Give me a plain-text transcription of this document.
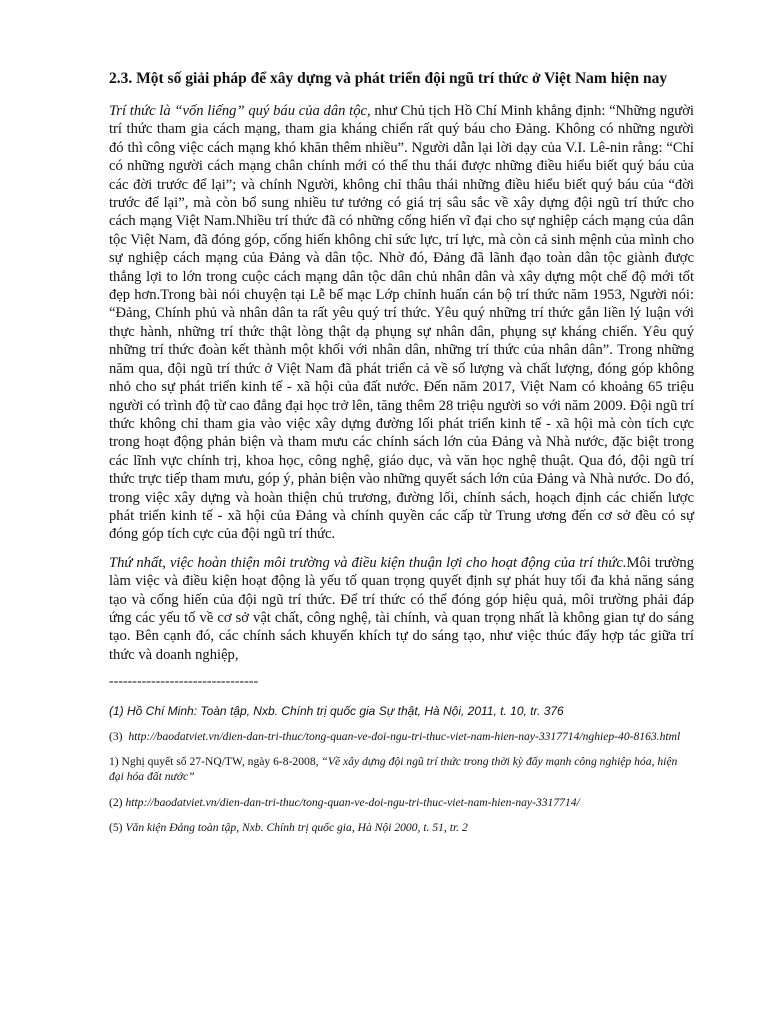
2.3. Một số giải pháp để xây dựng và phát triển đội ngũ trí thức ở Việt Nam hiện nay

Trí thức là “vốn liếng” quý báu của dân tộc, như Chủ tịch Hồ Chí Minh khẳng định: “Những người trí thức tham gia cách mạng, tham gia kháng chiến rất quý báu cho Đảng. Không có những người đó thì công việc cách mạng khó khăn thêm nhiều”. Người dẫn lại lời dạy của V.I. Lê-nin rằng: “Chỉ có những người cách mạng chân chính mới có thể thu thái được những điều hiểu biết quý báu của các đời trước để lại”; và chính Người, không chỉ thâu thái những điều hiểu biết quý báu của “đời trước để lại”, mà còn bổ sung nhiều tư tưởng có giá trị sâu sắc về xây dựng đội ngũ trí thức cho cách mạng Việt Nam.Nhiều trí thức đã có những cống hiến vĩ đại cho sự nghiệp cách mạng của dân tộc Việt Nam, đã đóng góp, cống hiến không chỉ sức lực, trí lực, mà còn cả sinh mệnh của mình cho sự nghiệp cách mạng của Đảng và dân tộc. Nhờ đó, Đảng đã lãnh đạo toàn dân tộc giành được thắng lợi to lớn trong cuộc cách mạng dân tộc dân chủ nhân dân và xây dựng một chế độ mới tốt đẹp hơn.Trong bài nói chuyện tại Lễ bế mạc Lớp chỉnh huấn cán bộ trí thức năm 1953, Người nói: “Đảng, Chính phủ và nhân dân ta rất yêu quý trí thức. Yêu quý những trí thức gắn liền lý luận với thực hành, những trí thức thật lòng thật dạ phụng sự nhân dân, phụng sự kháng chiến. Yêu quý những trí thức đoàn kết thành một khối với nhân dân, những trí thức của nhân dân”. Trong những năm qua, đội ngũ trí thức ở Việt Nam đã phát triển cả về số lượng và chất lượng, đóng góp không nhỏ cho sự phát triển kinh tế - xã hội của đất nước. Đến năm 2017, Việt Nam có khoảng 65 triệu người có trình độ từ cao đẳng đại học trở lên, tăng thêm 28 triệu người so với năm 2009. Đội ngũ trí thức không chỉ tham gia vào việc xây dựng đường lối phát triển kinh tế - xã hội mà còn tích cực trong hoạt động phản biện và tham mưu các chính sách lớn của Đảng và Nhà nước, đặc biệt trong các lĩnh vực chính trị, khoa học, công nghệ, giáo dục, và văn học nghệ thuật. Qua đó, đội ngũ trí thức trực tiếp tham mưu, góp ý, phản biện vào những quyết sách lớn của Đảng và Nhà nước. Do đó, trong việc xây dựng và hoàn thiện chủ trương, đường lối, chính sách, hoạch định các chiến lược phát triển kinh tế - xã hội của Đảng và chính quyền các cấp từ Trung ương đến cơ sở đều có sự đóng góp tích cực của đội ngũ trí thức.

Thứ nhất, việc hoàn thiện môi trường và điều kiện thuận lợi cho hoạt động của trí thức.Môi trường làm việc và điều kiện hoạt động là yếu tố quan trọng quyết định sự phát huy tối đa khả năng sáng tạo và cống hiến của đội ngũ trí thức. Để trí thức có thể đóng góp hiệu quả, môi trường phải đáp ứng các yếu tố về cơ sở vật chất, công nghệ, tài chính, và quan trọng nhất là không gian tự do sáng tạo. Bên cạnh đó, các chính sách khuyến khích tự do sáng tạo, như việc thúc đẩy hợp tác giữa trí thức và doanh nghiệp,

--------------------------------

(1) Hồ Chí Minh: Toàn tập, Nxb. Chính trị quốc gia Sự thật, Hà Nội, 2011, t. 10, tr. 376

(3) http://baodatviet.vn/dien-dan-tri-thuc/tong-quan-ve-doi-ngu-tri-thuc-viet-nam-hien-nay-3317714/nghiep-40-8163.html

1) Nghị quyết số 27-NQ/TW, ngày 6-8-2008, “Về xây dựng đội ngũ trí thức trong thời kỳ đẩy mạnh công nghiệp hóa, hiện đại hóa đất nước”

(2) http://baodatviet.vn/dien-dan-tri-thuc/tong-quan-ve-doi-ngu-tri-thuc-viet-nam-hien-nay-3317714/

(5) Văn kiện Đảng toàn tập, Nxb. Chính trị quốc gia, Hà Nội 2000, t. 51, tr. 2
